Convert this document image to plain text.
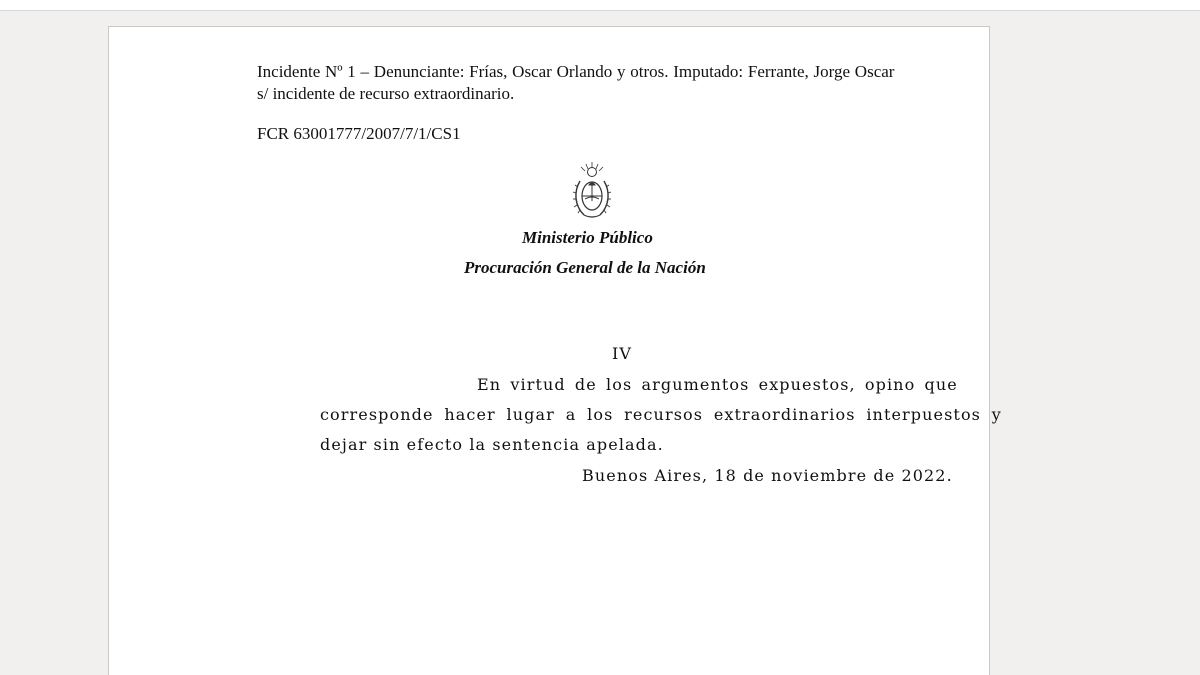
Incidente Nº 1 – Denunciante: Frías, Oscar Orlando y otros. Imputado: Ferrante, Jorge Oscar
s/ incidente de recurso extraordinario.
FCR 63001777/2007/7/1/CS1
Ministerio Público
Procuración General de la Nación
IV
En virtud de los argumentos expuestos, opino que
corresponde hacer lugar a los recursos extraordinarios interpuestos y
dejar sin efecto la sentencia apelada.
Buenos Aires, 18 de noviembre de 2022.
